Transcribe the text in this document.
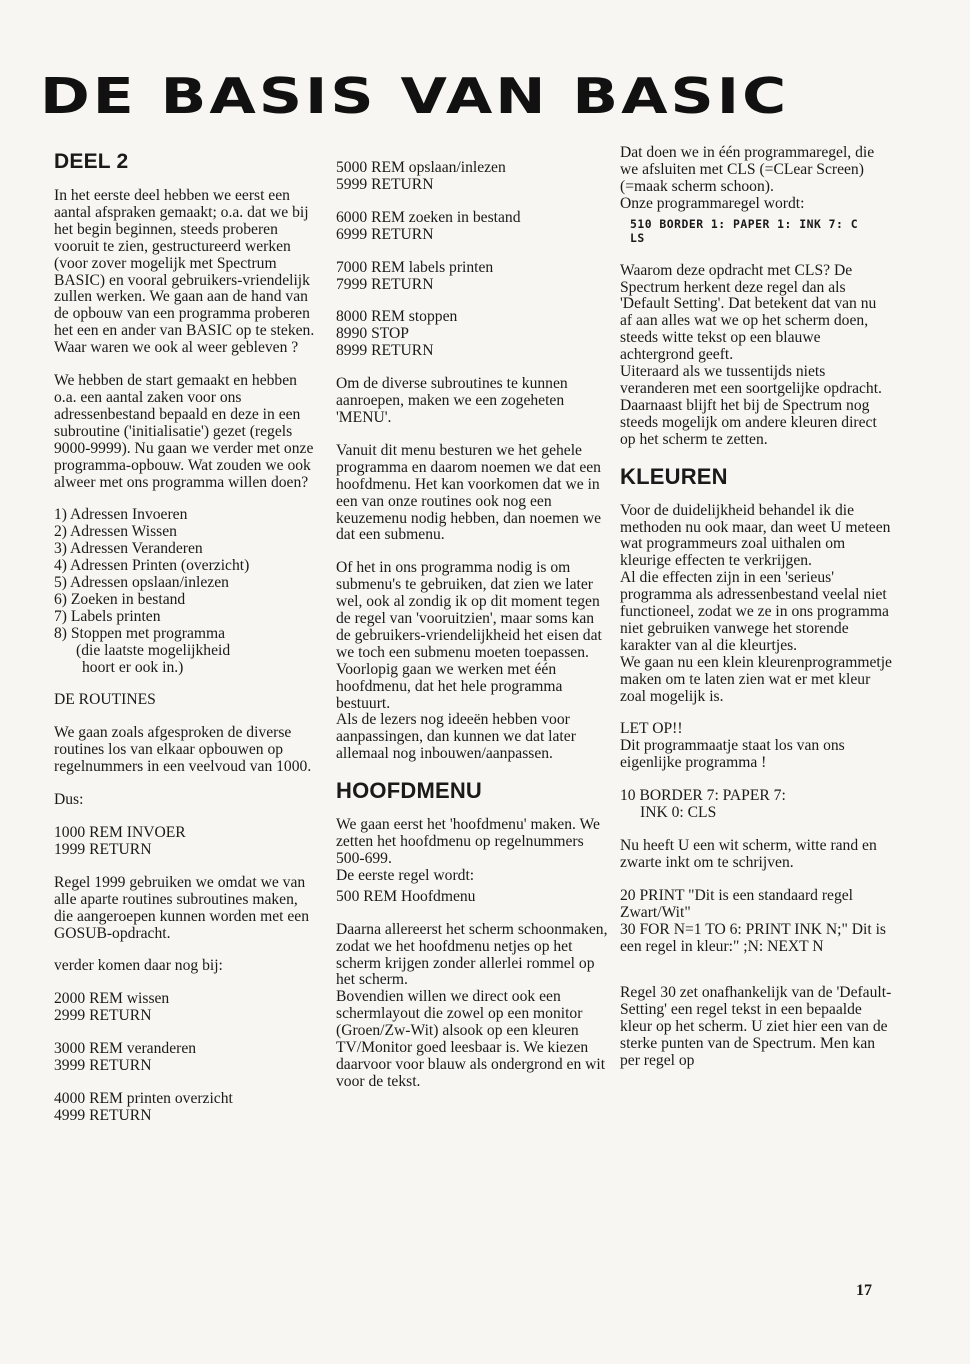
DE BASIS VAN BASIC
DEEL 2

In het eerste deel hebben we eerst een aantal afspraken gemaakt; o.a. dat we bij het begin beginnen, steeds proberen vooruit te zien, gestructureerd werken (voor zover mogelijk met Spectrum BASIC) en vooral gebruikers-vriendelijk zullen werken. We gaan aan de hand van de opbouw van een programma proberen het een en ander van BASIC op te steken. Waar waren we ook al weer gebleven ?

We hebben de start gemaakt en hebben o.a. een aantal zaken voor ons adressenbestand bepaald en deze in een subroutine ('initialisatie') gezet (regels 9000-9999). Nu gaan we verder met onze programma-opbouw. Wat zouden we ook alweer met ons programma willen doen?

1) Adressen Invoeren
2) Adressen Wissen
3) Adressen Veranderen
4) Adressen Printen (overzicht)
5) Adressen opslaan/inlezen
6) Zoeken in bestand
7) Labels printen
8) Stoppen met programma
(die laatste mogelijkheid
hoort er ook in.)

DE ROUTINES

We gaan zoals afgesproken de diverse routines los van elkaar opbouwen op regelnummers in een veelvoud van 1000.

Dus:

1000 REM INVOER
1999 RETURN

Regel 1999 gebruiken we omdat we van alle aparte routines subroutines maken, die aangeroepen kunnen worden met een GOSUB-opdracht.

verder komen daar nog bij:

2000 REM wissen
2999 RETURN
3000 REM veranderen
3999 RETURN
4000 REM printen overzicht
4999 RETURN
5000 REM opslaan/inlezen
5999 RETURN
6000 REM zoeken in bestand
6999 RETURN
7000 REM labels printen
7999 RETURN
8000 REM stoppen
8990 STOP
8999 RETURN

Om de diverse subroutines te kunnen aanroepen, maken we een zogeheten 'MENU'.

Vanuit dit menu besturen we het gehele programma en daarom noemen we dat een hoofdmenu. Het kan voorkomen dat we in een van onze routines ook nog een keuzemenu nodig hebben, dan noemen we dat een submenu.

Of het in ons programma nodig is om submenu's te gebruiken, dat zien we later wel, ook al zondig ik op dit moment tegen de regel van 'vooruitzien', maar soms kan de gebruikers-vriendelijkheid het eisen dat we toch een submenu moeten toepassen.

Voorlopig gaan we werken met één hoofdmenu, dat het hele programma bestuurt.

Als de lezers nog ideeën hebben voor aanpassingen, dan kunnen we dat later allemaal nog inbouwen/aanpassen.

HOOFDMENU

We gaan eerst het 'hoofdmenu' maken. We zetten het hoofdmenu op regelnummers 500-699.

De eerste regel wordt:

500 REM Hoofdmenu

Daarna allereerst het scherm schoonmaken, zodat we het hoofdmenu netjes op het scherm krijgen zonder allerlei rommel op het scherm.

Bovendien willen we direct ook een schermlayout die zowel op een monitor (Groen/Zw-Wit) alsook op een kleuren TV/Monitor goed leesbaar is. We kiezen daarvoor voor blauw als ondergrond en wit voor de tekst.

Dat doen we in één programmaregel, die we afsluiten met CLS (=CLear Screen) (=maak scherm schoon).

Onze programmaregel wordt:

510 BORDER 1: PAPER 1: INK 7: C
LS

Waarom deze opdracht met CLS? De Spectrum herkent deze regel dan als 'Default Setting'. Dat betekent dat van nu af aan alles wat we op het scherm doen, steeds witte tekst op een blauwe achtergrond geeft.

Uiteraard als we tussentijds niets veranderen met een soortgelijke opdracht.

Daarnaast blijft het bij de Spectrum nog steeds mogelijk om andere kleuren direct op het scherm te zetten.

KLEUREN

Voor de duidelijkheid behandel ik die methoden nu ook maar, dan weet U meteen wat programmeurs zoal uithalen om kleurige effecten te verkrijgen.

Al die effecten zijn in een 'serieus' programma als adressenbestand veelal niet functioneel, zodat we ze in ons programma niet gebruiken vanwege het storende karakter van al die kleurtjes.

We gaan nu een klein kleurenprogrammetje maken om te laten zien wat er met kleur zoal mogelijk is.

LET OP!!

Dit programmaatje staat los van ons eigenlijke programma !

10 BORDER 7: PAPER 7:
INK 0: CLS

Nu heeft U een wit scherm, witte rand en zwarte inkt om te schrijven.

20 PRINT "Dit is een standaard regel Zwart/Wit"
30 FOR N=1 TO 6: PRINT INK N;" Dit is een regel in kleur:" ;N: NEXT N

Regel 30 zet onafhankelijk van de 'Default-Setting' een regel tekst in een bepaalde kleur op het scherm. U ziet hier een van de sterke punten van de Spectrum. Men kan per regel op

17
